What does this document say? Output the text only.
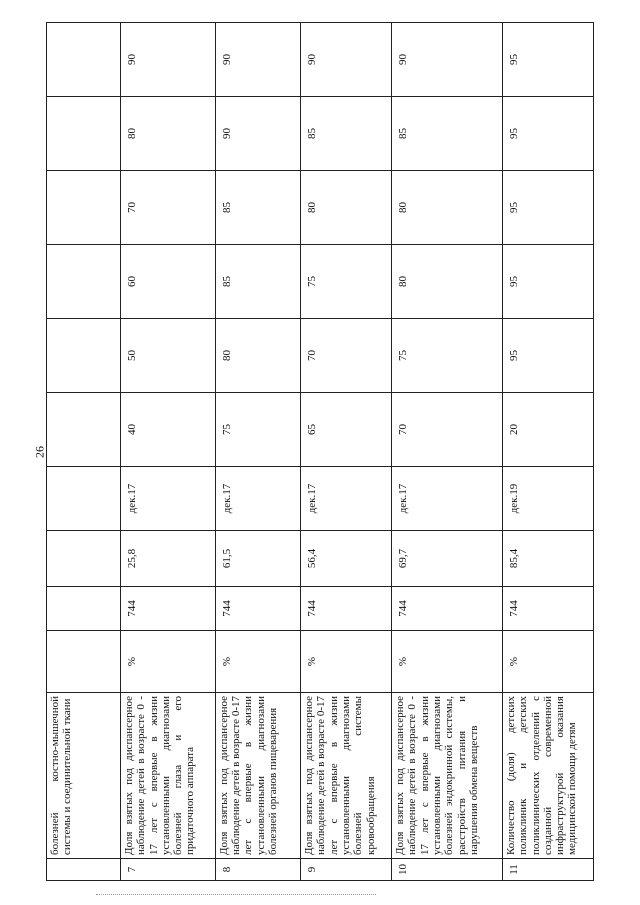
26
	болезней костно-мышечной системы и соединительной ткани										
7	Доля взятых под диспансерное наблюдение детей в возрасте 0 - 17 лет с впервые в жизни установленными диагнозами болезней глаза и его придаточного аппарата	%	744	25,8	дек.17	40	50	60	70	80	90
8	Доля взятых под диспансерное наблюдение детей в возрасте 0-17 лет с впервые в жизни установленными диагнозами болезней органов пищеварения	%	744	61,5	дек.17	75	80	85	85	90	90
9	Доля взятых под диспансерное наблюдение детей в возрасте 0-17 лет с впервые в жизни установленными диагнозами болезней системы кровообращения	%	744	56,4	дек.17	65	70	75	80	85	90
10	Доля взятых под диспансерное наблюдение детей в возрасте 0 - 17 лет с впервые в жизни установленными диагнозами болезней эндокринной системы, расстройств питания и нарушения обмена веществ	%	744	69,7	дек.17	70	75	80	80	85	90
11	Количество (доля) детских поликлиник и детских поликлинических отделений с созданной современной инфраструктурой оказания медицинской помощи детям	%	744	85,4	дек.19	20	95	95	95	95	95
